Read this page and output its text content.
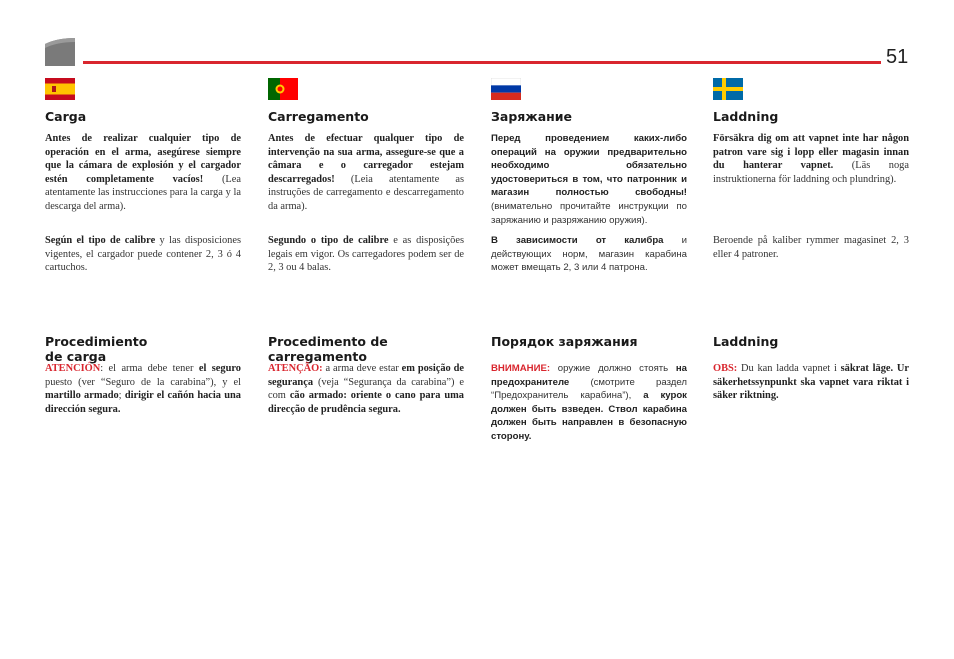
51
Carga
Antes de realizar cualquier tipo de operación en el arma, asegúrese siempre que la cámara de explosión y el cargador estén completamente vacíos! (Lea atentamente las instrucciones para la carga y la descarga del arma).
Según el tipo de calibre y las disposiciones vigentes, el cargador puede contener 2, 3 ó 4 cartuchos.
Procedimiento de carga
ATENCIÓN: el arma debe tener el seguro puesto (ver “Seguro de la carabina”), y el martillo armado; dirigir el cañón hacia una dirección segura.
Carregamento
Antes de efectuar qualquer tipo de intervenção na sua arma, assegure-se que a câmara e o carregador estejam descarregados! (Leia atentamente as instruções de carregamento e descarregamento da arma).
Segundo o tipo de calibre e as disposições legais em vigor. Os carregadores podem ser de 2, 3 ou 4 balas.
Procedimento de carregamento
ATENÇÃO: a arma deve estar em posição de segurança (veja “Segurança da carabina”) e com cão armado: oriente o cano para uma direcção de prudência segura.
Заряжание
Перед проведением каких-либо операций на оружии предварительно необходимо обязательно удостовериться в том, что патронник и магазин полностью свободны! (внимательно прочитайте инструкции по заряжанию и разряжанию оружия).
В зависимости от калибра и действующих норм, магазин карабина может вмещать 2, 3 или 4 патрона.
Порядок заряжания
ВНИМАНИЕ: оружие должно стоять на предохранителе (смотрите раздел “Предохранитель карабина”), а курок должен быть взведен. Ствол карабина должен быть направлен в безопасную сторону.
Laddning
Försäkra dig om att vapnet inte har någon patron vare sig i lopp eller magasin innan du hanterar vapnet. (Läs noga instruktionerna för laddning och plundring).
Beroende på kaliber rymmer magasinet 2, 3 eller 4 patroner.
Laddning
OBS: Du kan ladda vapnet i säkrat läge. Ur säkerhetssynpunkt ska vapnet vara riktat i säker riktning.
